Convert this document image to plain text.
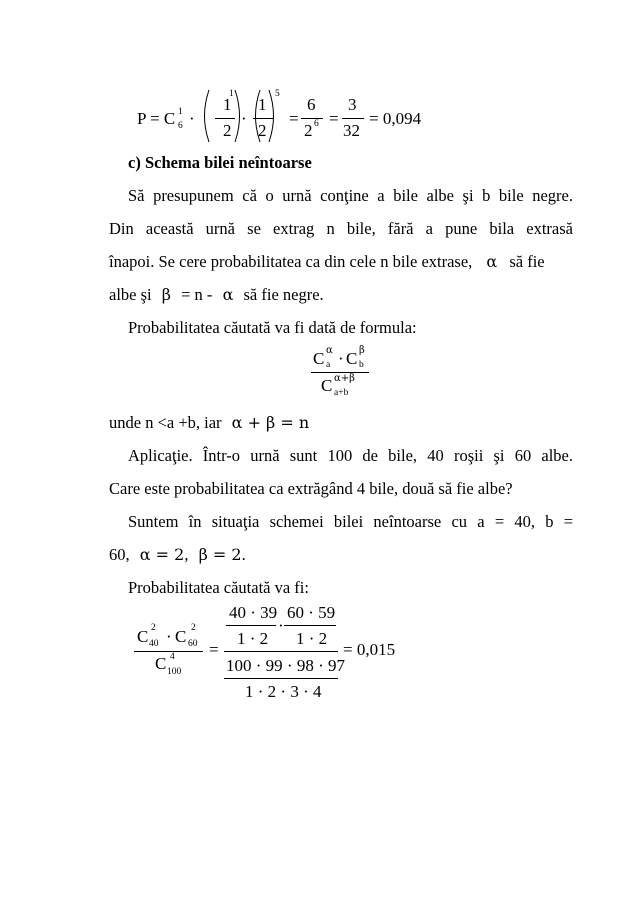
P = C 1
6 ·
1
2
1
·
1
2
5
=
6
2 6 =
3
32
= 0,094
c) Schema bilei neîntoarse
Să presupunem că o urnă conţine a bile albe şi b bile negre.
Din această urnă se extrag n bile, fără a pune bila extrasă
înapoi. Se cere probabilitatea ca din cele n bile extrase, α să fie
albe şi β = n - α să fie negre.
Probabilitatea căutată va fi dată de formula:
C α
a · C β
b
C α+β
a+b
unde n <a +b, iar α + β = n
Aplicaţie. Într-o urnă sunt 100 de bile, 40 roşii şi 60 albe.
Care este probabilitatea ca extrăgând 4 bile, două să fie albe?
Suntem în situaţia schemei bilei neîntoarse cu a = 40, b =
60, α = 2, β = 2.
Probabilitatea căutată va fi:
C 2
40 · C 2
60
C 4
100
=
40 · 39
1 · 2
·
60 · 59
1 · 2
100 · 99 · 98 · 97
1 · 2 · 3 · 4
= 0,015
